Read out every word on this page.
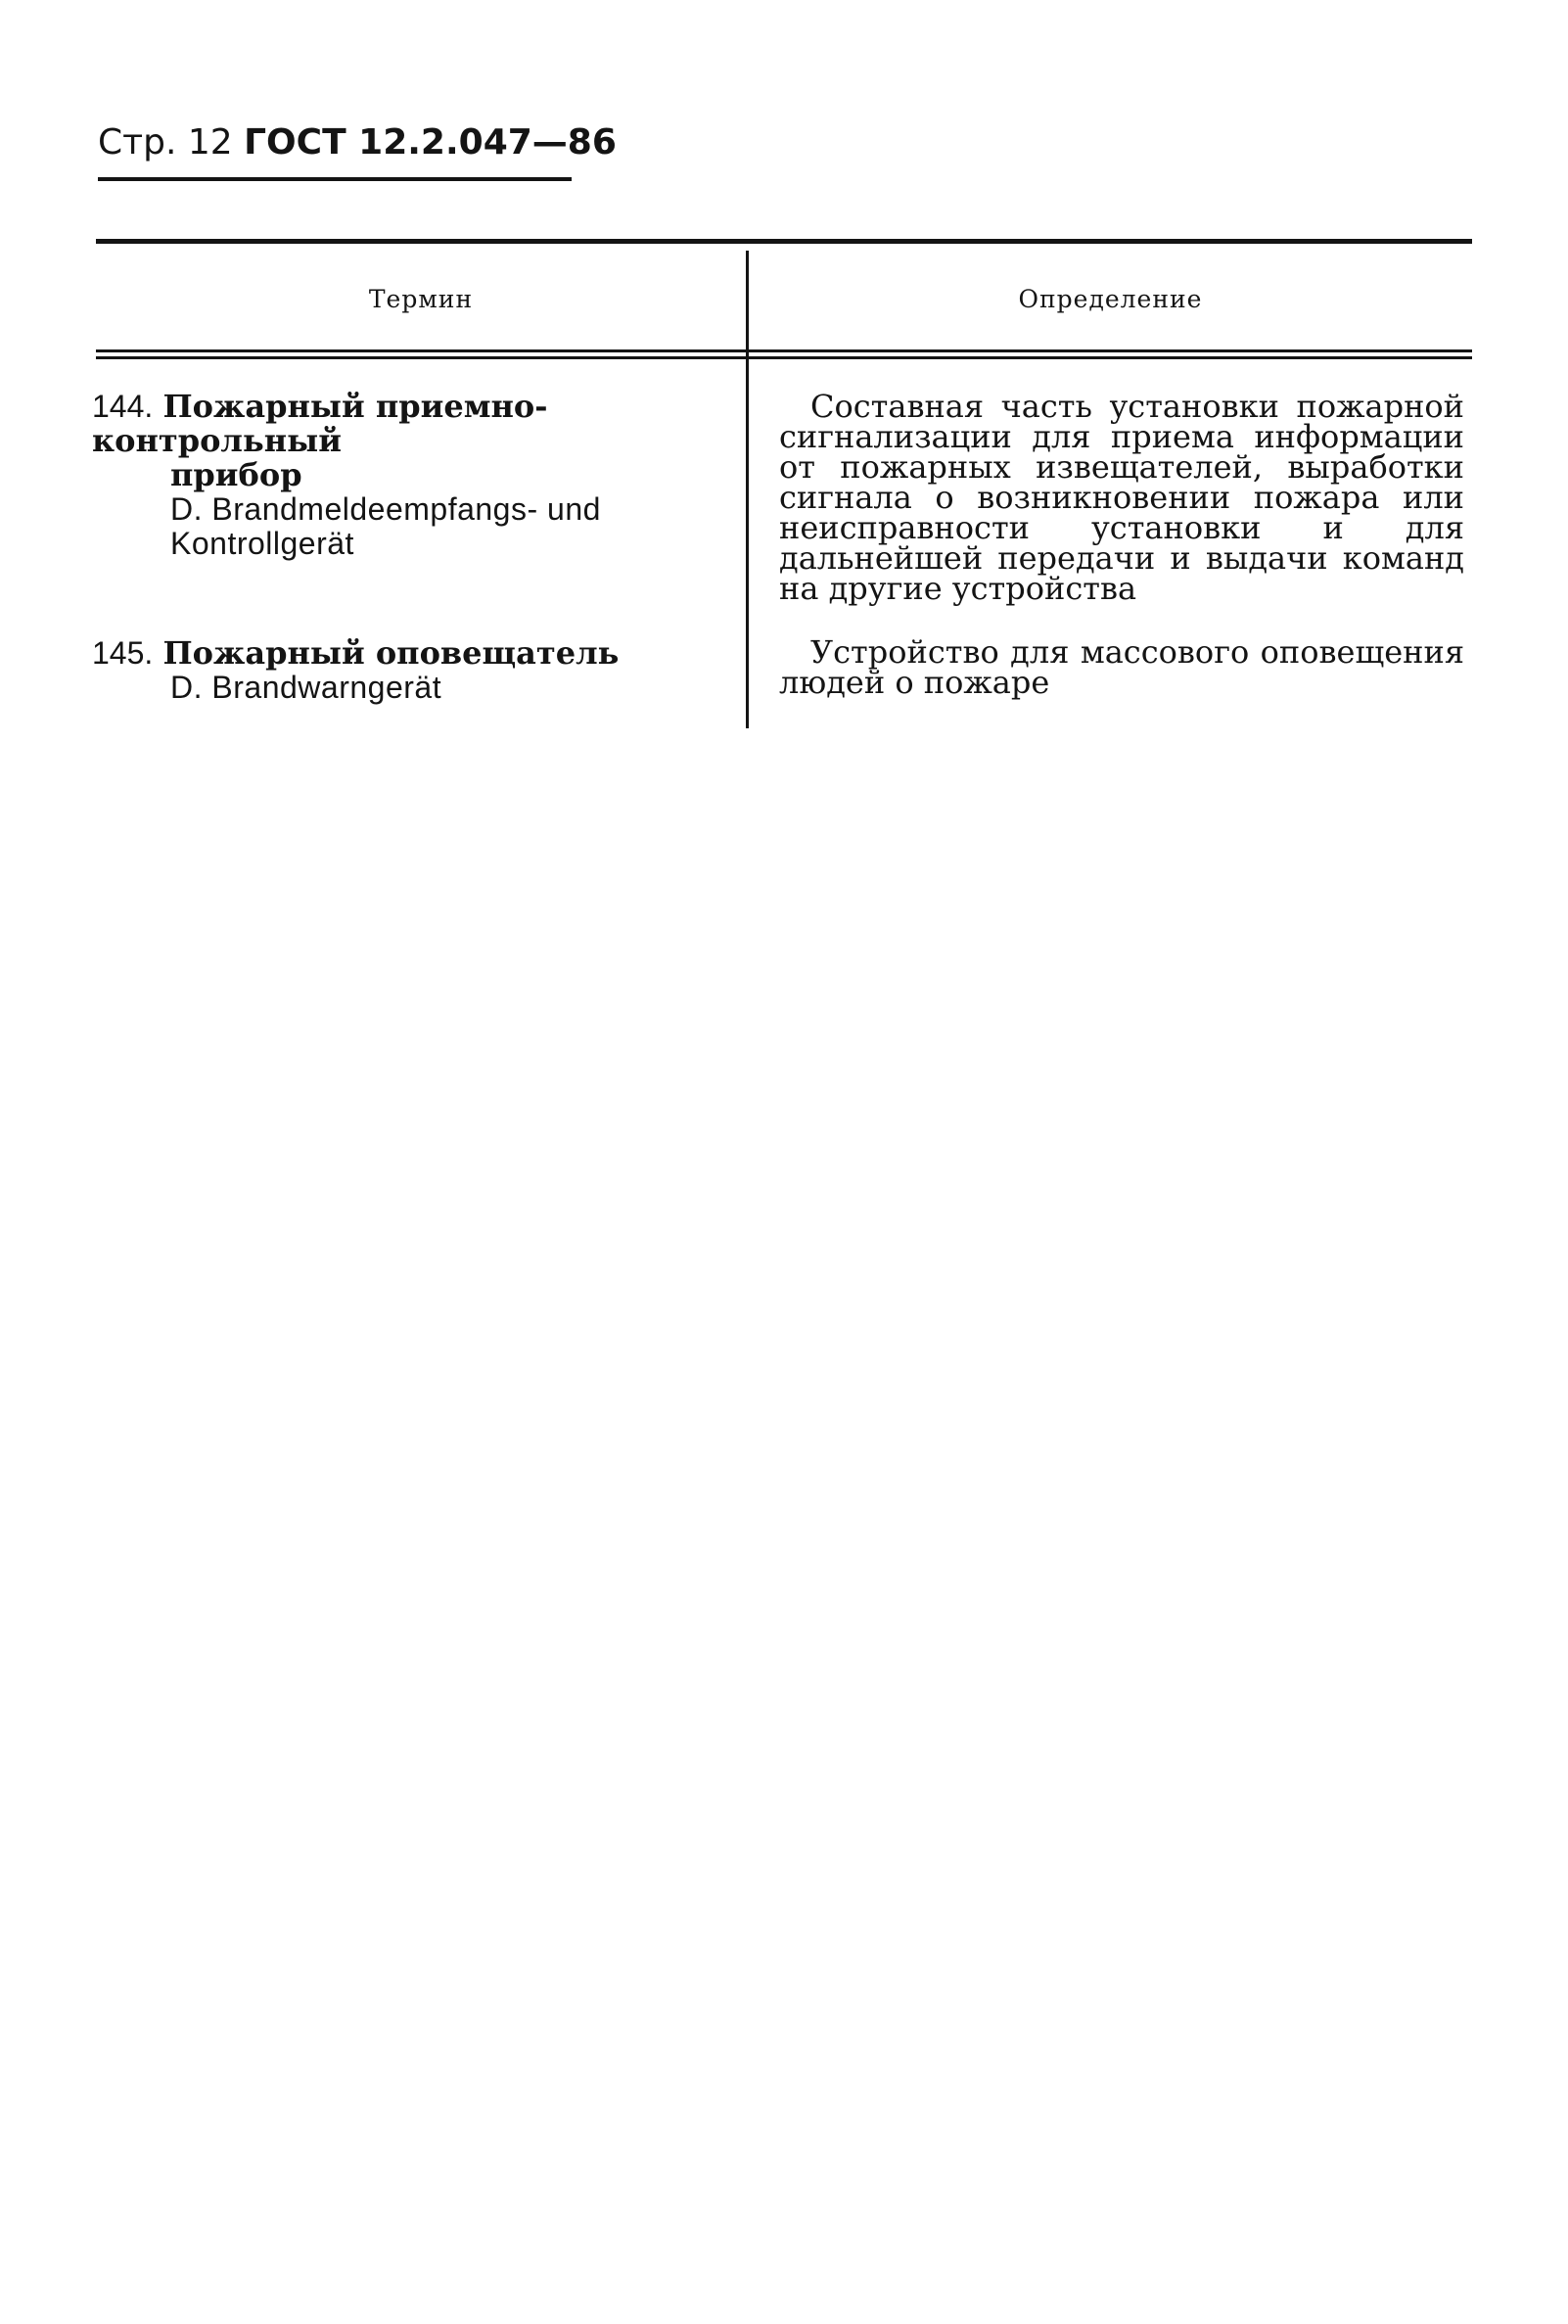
Стр. 12 ГОСТ 12.2.047—86
Термин	Определение
144. Пожарный приемно-контрольный
прибор
D. Brandmeldeempfangs- und
Kontrollgerät
Составная часть установки пожарной сигнализации для приема информации от пожарных извещателей, выработки сигнала о возникновении пожара или неисправности установки и для дальнейшей передачи и выдачи команд на другие устройства
145. Пожарный оповещатель
D. Brandwarngerät
Устройство для массового оповещения людей о пожаре
